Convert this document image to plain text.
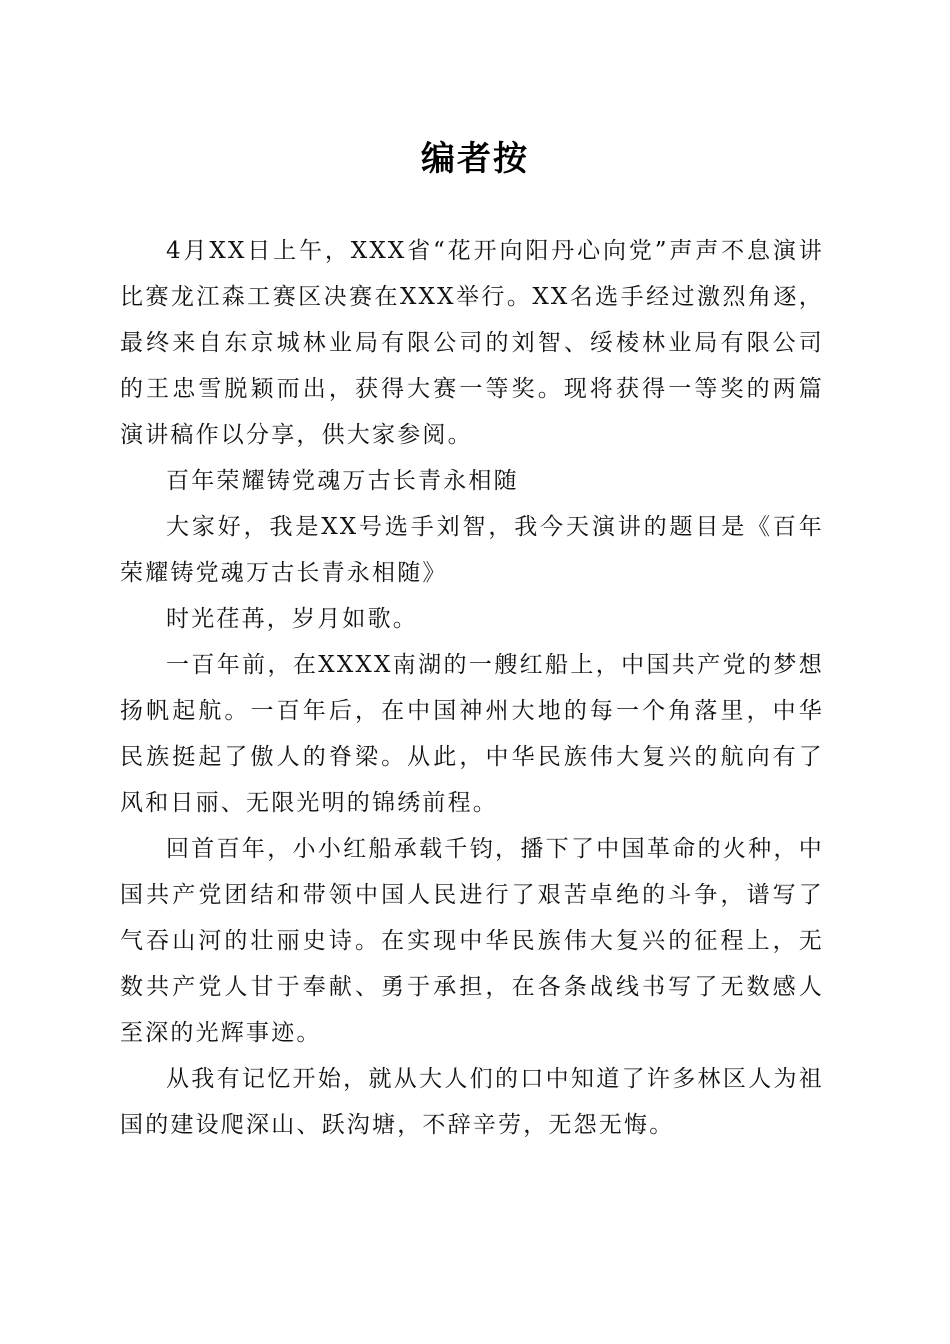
编者按

4月XX日上午，XXX省“花开向阳丹心向党”声声不息演讲比赛龙江森工赛区决赛在XXX举行。XX名选手经过激烈角逐，最终来自东京城林业局有限公司的刘智、绥棱林业局有限公司的王忠雪脱颖而出，获得大赛一等奖。现将获得一等奖的两篇演讲稿作以分享，供大家参阅。

百年荣耀铸党魂万古长青永相随

大家好，我是XX号选手刘智，我今天演讲的题目是《百年荣耀铸党魂万古长青永相随》

时光荏苒，岁月如歌。

一百年前，在XXXX南湖的一艘红船上，中国共产党的梦想扬帆起航。一百年后，在中国神州大地的每一个角落里，中华民族挺起了傲人的脊梁。从此，中华民族伟大复兴的航向有了风和日丽、无限光明的锦绣前程。

回首百年，小小红船承载千钧，播下了中国革命的火种，中国共产党团结和带领中国人民进行了艰苦卓绝的斗争，谱写了气吞山河的壮丽史诗。在实现中华民族伟大复兴的征程上，无数共产党人甘于奉献、勇于承担，在各条战线书写了无数感人至深的光辉事迹。

从我有记忆开始，就从大人们的口中知道了许多林区人为祖国的建设爬深山、跃沟塘，不辞辛劳，无怨无悔。
